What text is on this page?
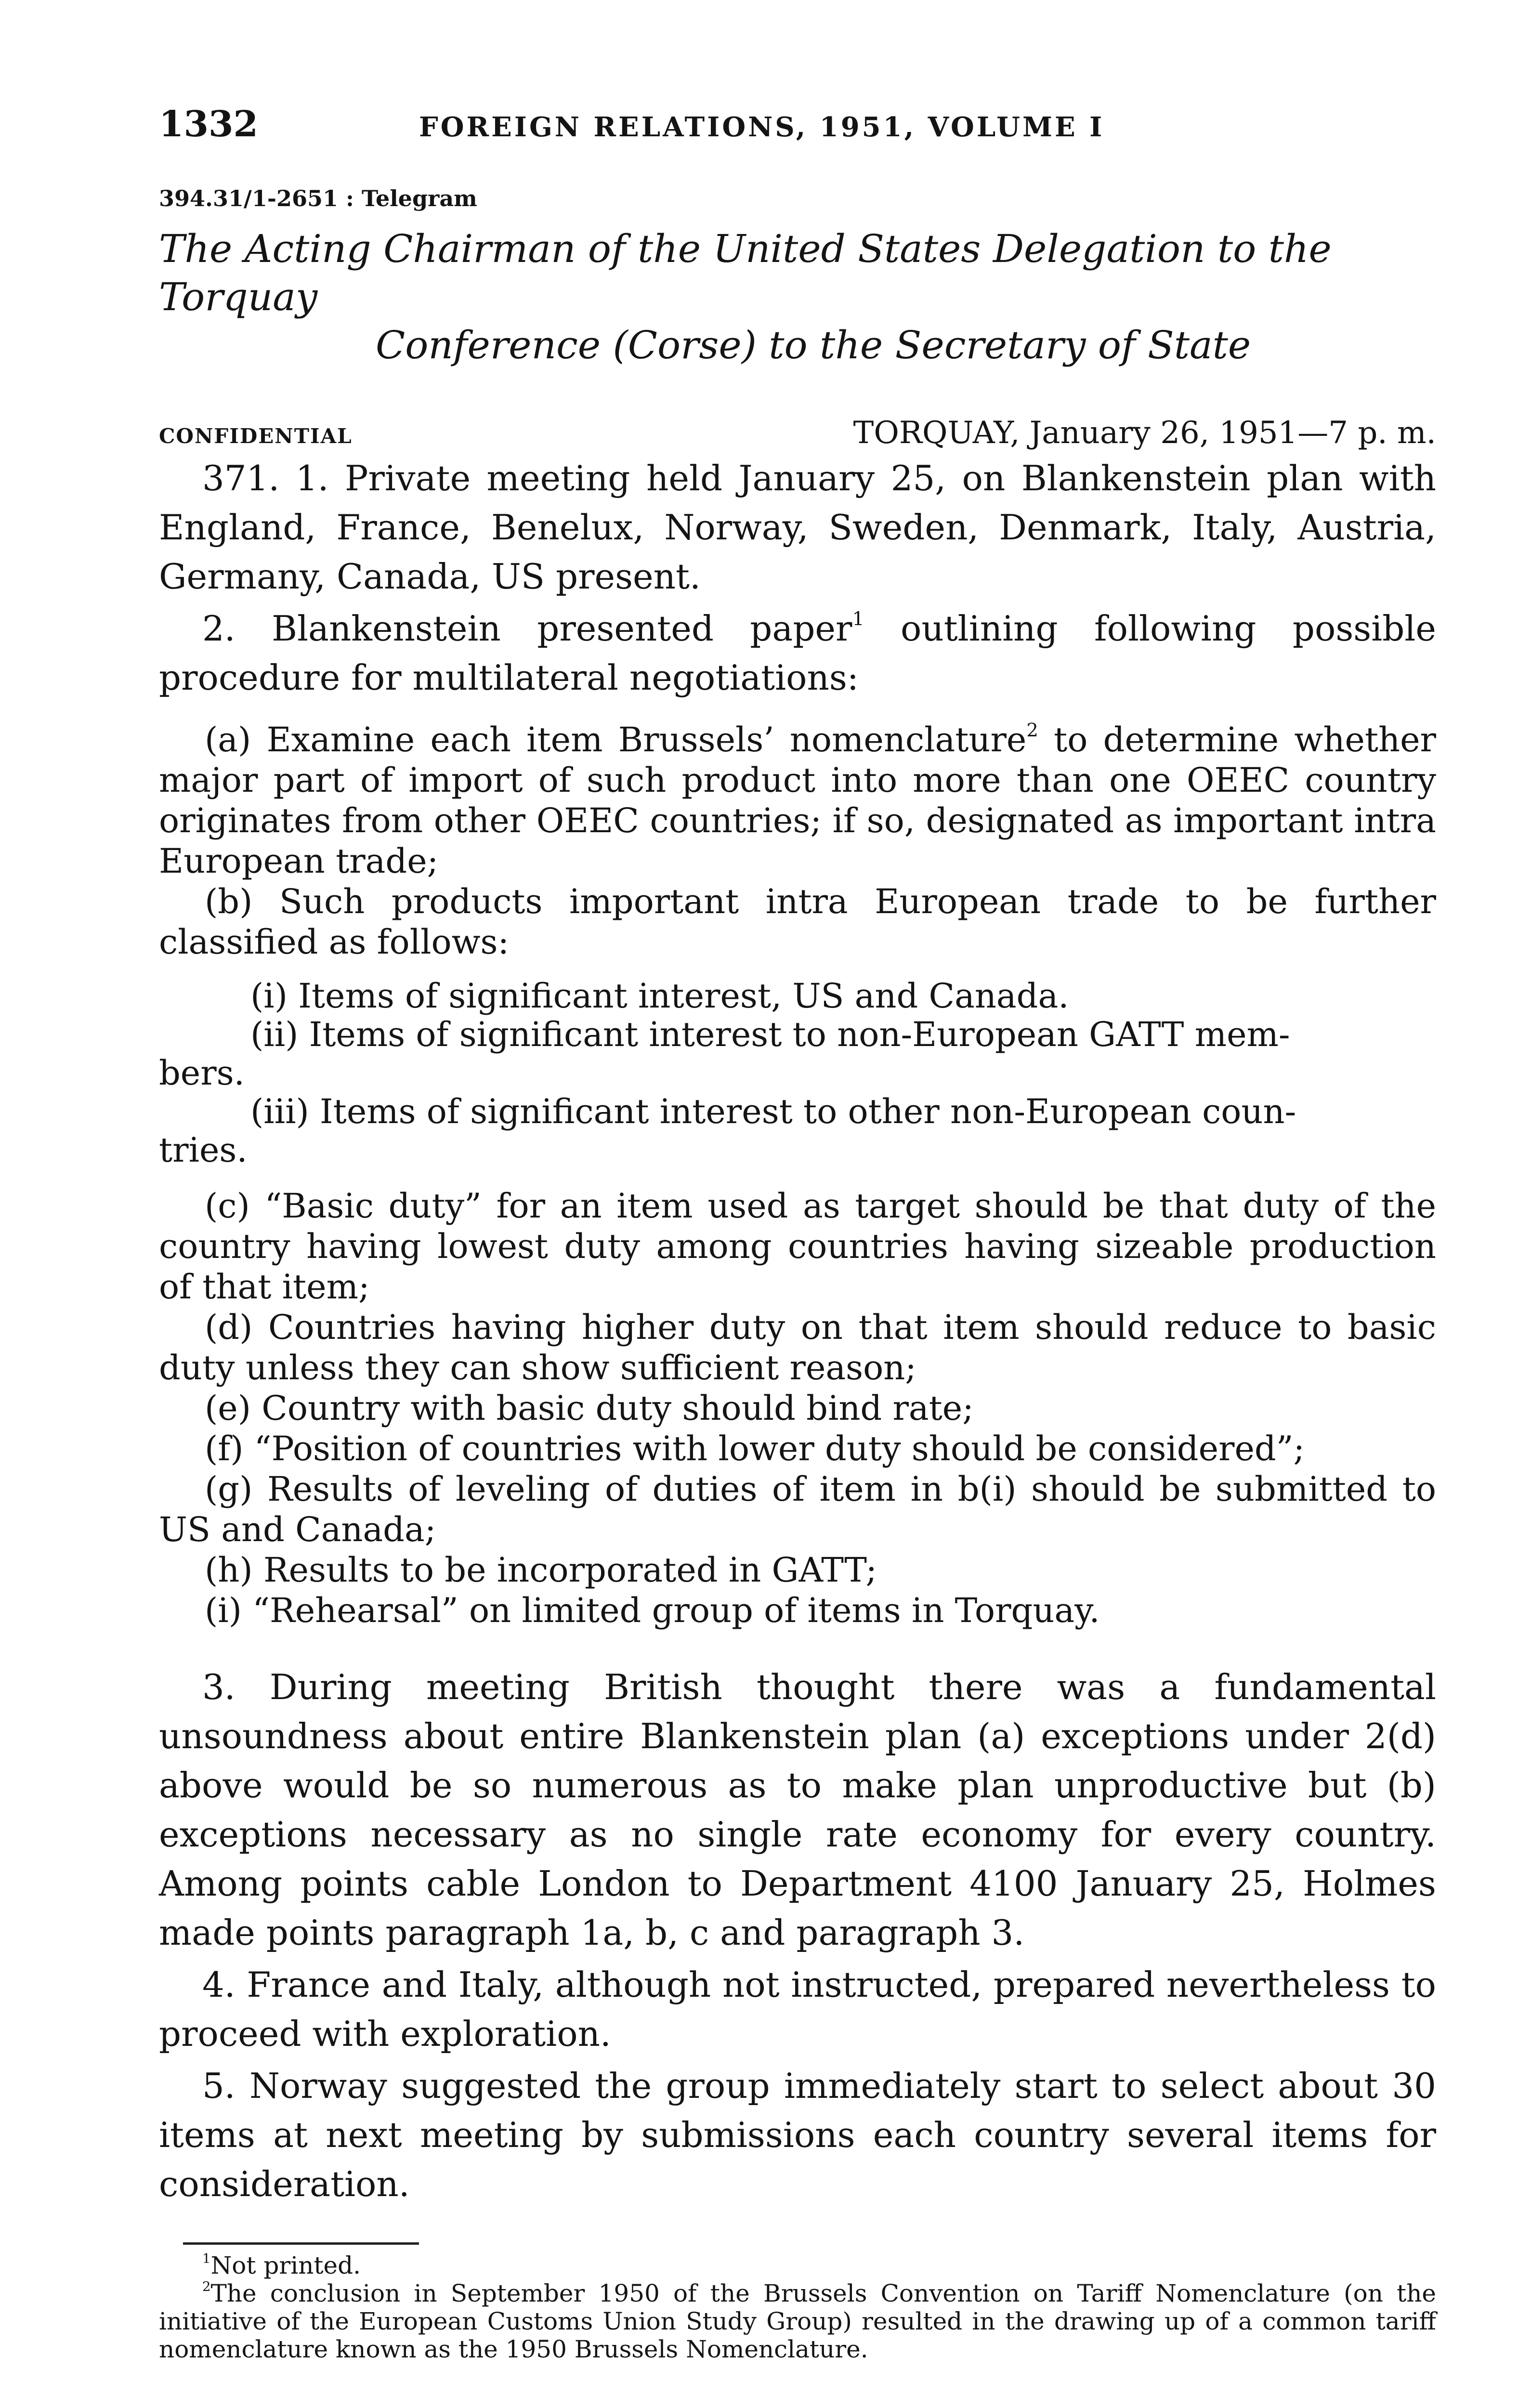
1332	FOREIGN RELATIONS, 1951, VOLUME I
394.31/1-2651 : Telegram
The Acting Chairman of the United States Delegation to the Torquay
Conference (Corse) to the Secretary of State
CONFIDENTIAL	TORQUAY, January 26, 1951—7 p. m.

371. 1. Private meeting held January 25, on Blankenstein plan with England, France, Benelux, Norway, Sweden, Denmark, Italy, Austria, Germany, Canada, US present.

2. Blankenstein presented paper$^1$ outlining following possible procedure for multilateral negotiations:

(a) Examine each item Brussels’ nomenclature$^2$ to determine whether major part of import of such product into more than one OEEC country originates from other OEEC countries; if so, designated as important intra European trade;

(b) Such products important intra European trade to be further classified as follows:

(i) Items of significant interest, US and Canada.

(ii) Items of significant interest to non-European GATT mem-

bers.

(iii) Items of significant interest to other non-European coun-

tries.

(c) “Basic duty” for an item used as target should be that duty of the country having lowest duty among countries having sizeable production of that item;

(d) Countries having higher duty on that item should reduce to basic duty unless they can show sufficient reason;

(e) Country with basic duty should bind rate;

(f) “Position of countries with lower duty should be considered”;

(g) Results of leveling of duties of item in b(i) should be submitted to US and Canada;

(h) Results to be incorporated in GATT;

(i) “Rehearsal” on limited group of items in Torquay.

3. During meeting British thought there was a fundamental unsoundness about entire Blankenstein plan (a) exceptions under 2(d) above would be so numerous as to make plan unproductive but (b) exceptions necessary as no single rate economy for every country. Among points cable London to Department 4100 January 25, Holmes made points paragraph 1a, b, c and paragraph 3.

4. France and Italy, although not instructed, prepared nevertheless to proceed with exploration.

5. Norway suggested the group immediately start to select about 30 items at next meeting by submissions each country several items for consideration.

$^1$Not printed.

$^2$The conclusion in September 1950 of the Brussels Convention on Tariff Nomenclature (on the initiative of the European Customs Union Study Group) resulted in the drawing up of a common tariff nomenclature known as the 1950 Brussels Nomenclature.
